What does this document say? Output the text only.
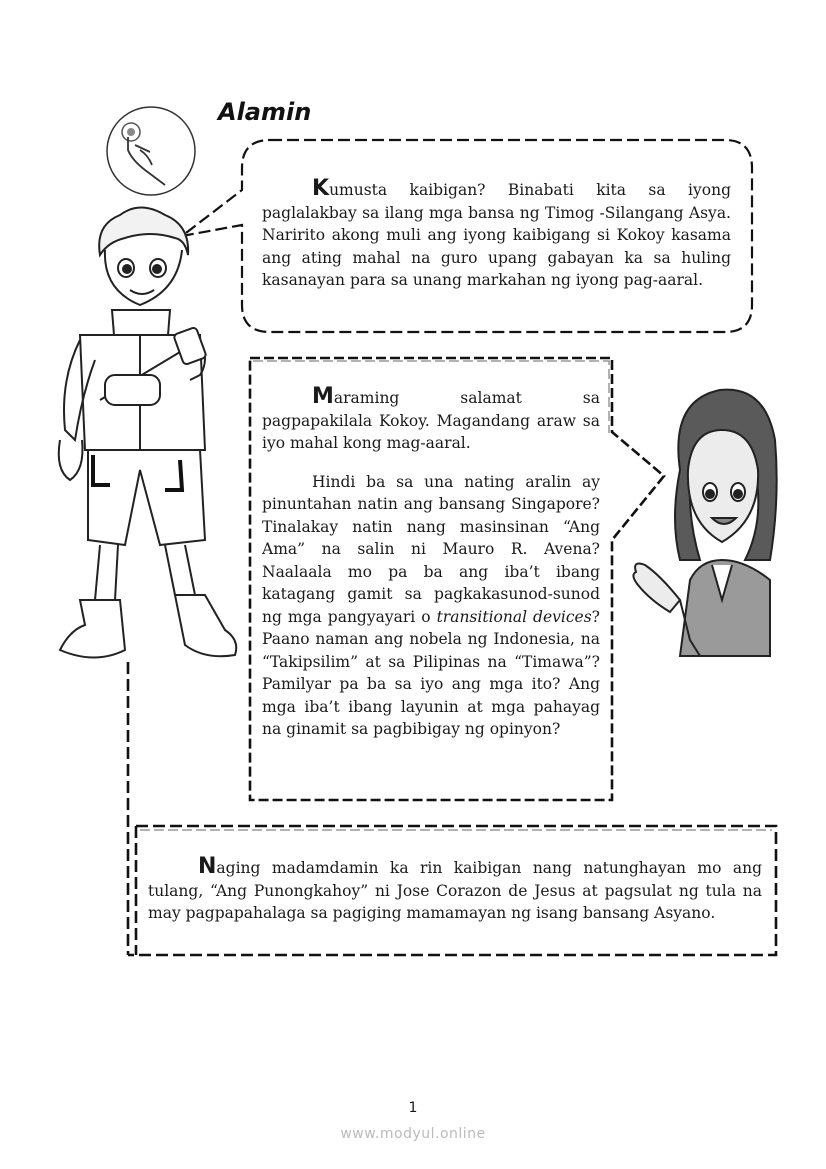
Alamin

Kumusta kaibigan? Binabati kita sa iyong paglalakbay sa ilang mga bansa ng Timog -Silangang Asya. Naririto akong muli ang iyong kaibigang si Kokoy kasama ang ating mahal na guro upang gabayan ka sa huling kasanayan para sa unang markahan ng iyong pag-aaral.

Maraming salamat sa pagpapakilala Kokoy. Magandang araw sa iyo mahal kong mag-aaral.

Hindi ba sa una nating aralin ay pinuntahan natin ang bansang Singapore? Tinalakay natin nang masinsinan “Ang Ama” na salin ni Mauro R. Avena? Naalaala mo pa ba ang iba’t ibang katagang gamit sa pagkakasunod-sunod ng mga pangyayari o transitional devices? Paano naman ang nobela ng Indonesia, na “Takipsilim” at sa Pilipinas na “Timawa”? Pamilyar pa ba sa iyo ang mga ito? Ang mga iba’t ibang layunin at mga pahayag na ginamit sa pagbibigay ng opinyon?

Naging madamdamin ka rin kaibigan nang natunghayan mo ang tulang, “Ang Punongkahoy” ni Jose Corazon de Jesus at pagsulat ng tula na may pagpapahalaga sa pagiging mamamayan ng isang bansang Asyano.

1
www.modyul.online
